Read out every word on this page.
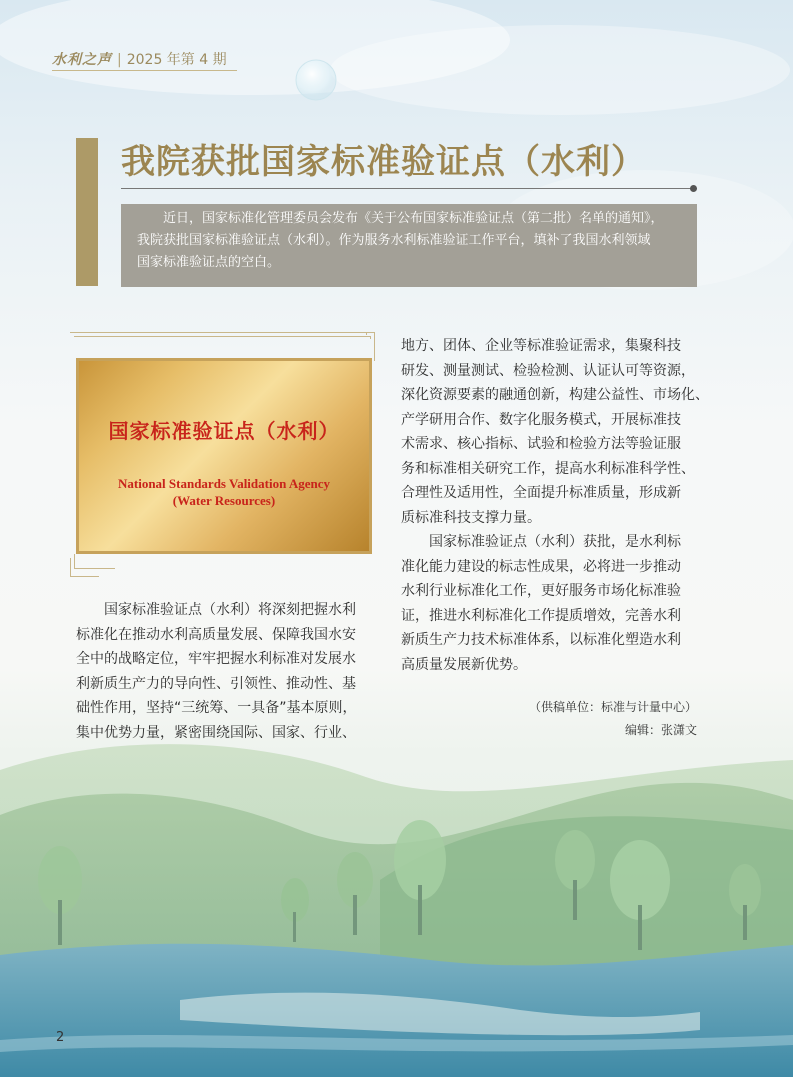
水利之声 | 2025 年第 4 期
我院获批国家标准验证点（水利）
近日，国家标准化管理委员会发布《关于公布国家标准验证点（第二批）名单的通知》，
我院获批国家标准验证点（水利）。作为服务水利标准验证工作平台，填补了我国水利领域
国家标准验证点的空白。
国家标准验证点（水利）
National Standards Validation Agency
(Water Resources)
国家标准验证点（水利）将深刻把握水利
标准化在推动水利高质量发展、保障我国水安
全中的战略定位，牢牢把握水利标准对发展水
利新质生产力的导向性、引领性、推动性、基
础性作用，坚持“三统筹、一具备”基本原则，
集中优势力量，紧密围绕国际、国家、行业、
地方、团体、企业等标准验证需求，集聚科技
研发、测量测试、检验检测、认证认可等资源，
深化资源要素的融通创新，构建公益性、市场化、
产学研用合作、数字化服务模式，开展标准技
术需求、核心指标、试验和检验方法等验证服
务和标准相关研究工作，提高水利标准科学性、
合理性及适用性，全面提升标准质量，形成新
质标准科技支撑力量。
国家标准验证点（水利）获批，是水利标
准化能力建设的标志性成果，必将进一步推动
水利行业标准化工作，更好服务市场化标准验
证，推进水利标准化工作提质增效，完善水利
新质生产力技术标准体系，以标准化塑造水利
高质量发展新优势。
（供稿单位：标准与计量中心）
编辑：张潇文
2
